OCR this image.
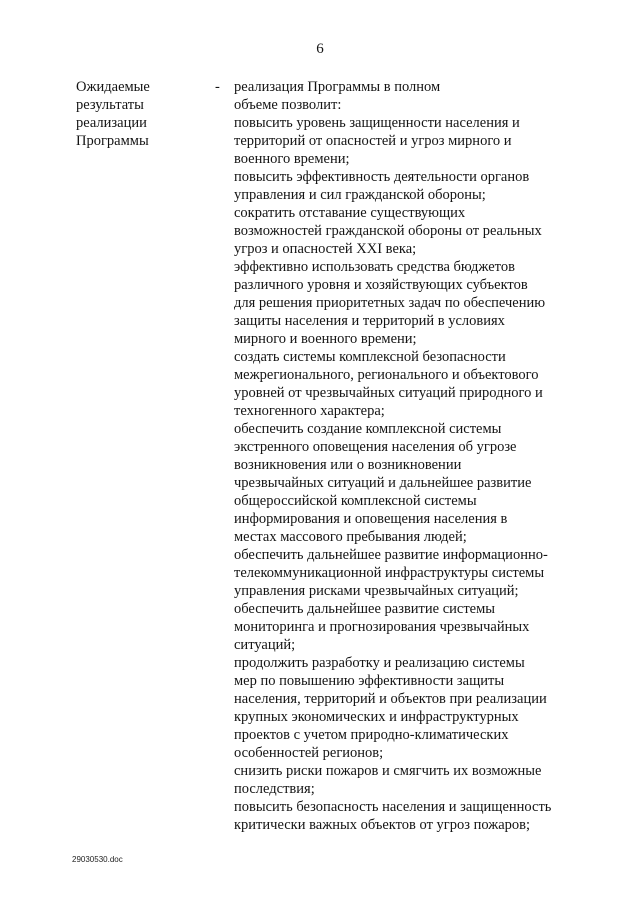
6
Ожидаемые
результаты
реализации
Программы
- реализация Программы в полном
объеме позволит:
повысить уровень защищенности населения и
территорий от опасностей и угроз мирного и
военного времени;
повысить эффективность деятельности органов
управления и сил гражданской обороны;
сократить отставание существующих
возможностей гражданской обороны от реальных
угроз и опасностей XXI века;
эффективно использовать средства бюджетов
различного уровня и хозяйствующих субъектов
для решения приоритетных задач по обеспечению
защиты населения и территорий в условиях
мирного и военного времени;
создать системы комплексной безопасности
межрегионального, регионального и объектового
уровней от чрезвычайных ситуаций природного и
техногенного характера;
обеспечить создание комплексной системы
экстренного оповещения населения об угрозе
возникновения или о возникновении
чрезвычайных ситуаций и дальнейшее развитие
общероссийской комплексной системы
информирования и оповещения населения в
местах массового пребывания людей;
обеспечить дальнейшее развитие информационно-
телекоммуникационной инфраструктуры системы
управления рисками чрезвычайных ситуаций;
обеспечить дальнейшее развитие системы
мониторинга и прогнозирования чрезвычайных
ситуаций;
продолжить разработку и реализацию системы
мер по повышению эффективности защиты
населения, территорий и объектов при реализации
крупных экономических и инфраструктурных
проектов с учетом природно-климатических
особенностей регионов;
снизить риски пожаров и смягчить их возможные
последствия;
повысить безопасность населения и защищенность
критически важных объектов от угроз пожаров;
29030530.doc
